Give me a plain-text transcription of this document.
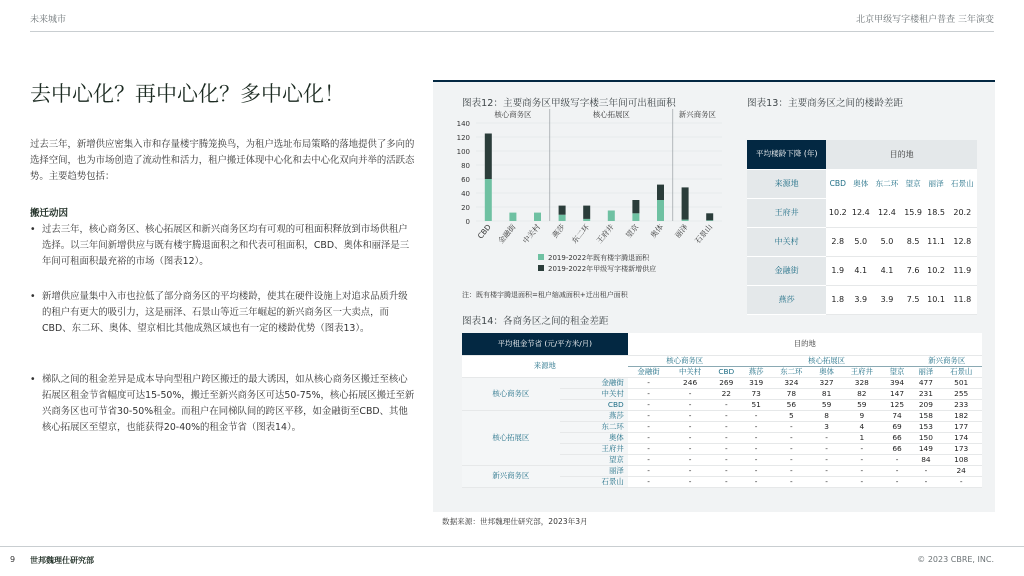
未来城市	北京甲级写字楼租户普查 三年演变
去中心化？再中心化？多中心化！
过去三年，新增供应密集入市和存量楼宇腾笼换鸟，为租户选址布局策略的落地提供了多向的选择空间，也为市场创造了流动性和活力，租户搬迁体现中心化和去中心化双向并举的活跃态势。主要趋势包括：
搬迁动因
• 过去三年，核心商务区、核心拓展区和新兴商务区均有可观的可租面积释放到市场供租户选择。以三年间新增供应与既有楼宇腾退面积之和代表可租面积，CBD、奥体和丽泽是三年间可租面积最充裕的市场（图表12）。
• 新增供应量集中入市也拉低了部分商务区的平均楼龄，使其在硬件设施上对追求品质升级的租户有更大的吸引力，这是丽泽、石景山等近三年崛起的新兴商务区一大卖点，而CBD、东二环、奥体、望京相比其他成熟区域也有一定的楼龄优势（图表13）。
• 梯队之间的租金差异是成本导向型租户跨区搬迁的最大诱因，如从核心商务区搬迁至核心拓展区租金节省幅度可达15-50%，搬迁至新兴商务区可达50-75%，核心拓展区搬迁至新兴商务区也可节省30-50%租金。而租户在同梯队间的跨区平移，如金融街至CBD、其他核心拓展区至望京，也能获得20-40%的租金节省（图表14）。
图表12：主要商务区甲级写字楼三年间可出租面积	图表13：主要商务区之间的楼龄差距
0
20
40
60
80
100
120
140
核心商务区	核心拓展区	新兴商务区
CBD 金融街 中关村 燕莎 东二环 王府井 望京 奥体 丽泽 石景山
2019-2022年既有楼宇腾退面积
2019-2022年甲级写字楼新增供应
注：既有楼宇腾退面积=租户缩减面积+迁出租户面积
平均楼龄下降 (年)	目的地					
来源地	CBD	奥体	东二环	望京	丽泽	石景山
王府井	10.2	12.4	12.4	15.9	18.5	20.2
中关村	2.8	5.0	5.0	8.5	11.1	12.8
金融街	1.9	4.1	4.1	7.6	10.2	11.9
燕莎	1.8	3.9	3.9	7.5	10.1	11.8
图表14：各商务区之间的租金差距
平均租金节省 (元/平方米/月)		目的地									
来源地		核心商务区			核心拓展区					新兴商务区	
		金融街	中关村	CBD	燕莎	东二环	奥体	王府井	望京	丽泽	石景山
核心商务区	金融街	-	246	269	319	324	327	328	394	477	501
	中关村	-	-	22	73	78	81	82	147	231	255
	CBD	-	-	-	51	56	59	59	125	209	233
核心拓展区	燕莎	-	-	-	-	5	8	9	74	158	182
	东二环	-	-	-	-	-	3	4	69	153	177
	奥体	-	-	-	-	-	-	1	66	150	174
	王府井	-	-	-	-	-	-	-	66	149	173
	望京	-	-	-	-	-	-	-	-	84	108
新兴商务区	丽泽	-	-	-	-	-	-	-	-	-	24
	石景山	-	-	-	-	-	-	-	-	-	-
数据来源：世邦魏理仕研究部，2023年3月
9 世邦魏理仕研究部	© 2023 CBRE, INC.
